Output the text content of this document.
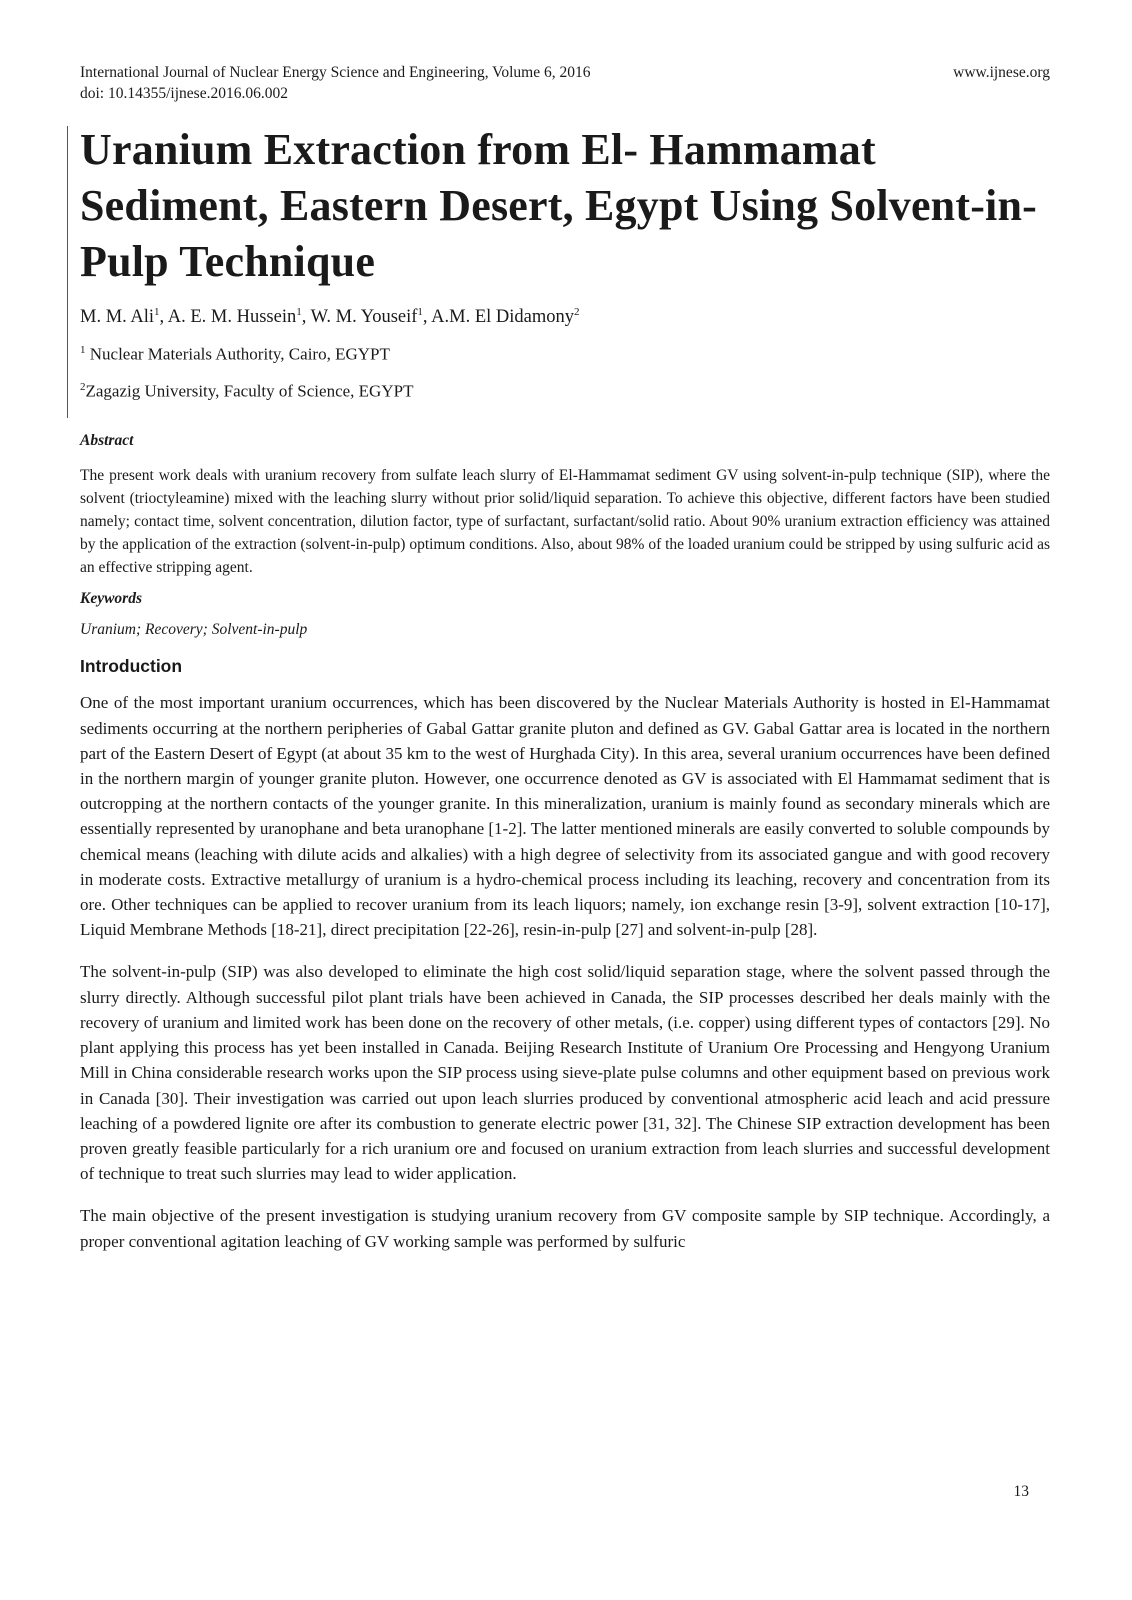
International Journal of Nuclear Energy Science and Engineering, Volume 6, 2016	www.ijnese.org
doi: 10.14355/ijnese.2016.06.002
Uranium Extraction from El- Hammamat Sediment, Eastern Desert, Egypt Using Solvent-in-Pulp Technique
M. M. Ali$^1$, A. E. M. Hussein$^1$, W. M. Youseif$^1$, A.M. El Didamony$^2$
$^1$ Nuclear Materials Authority, Cairo, EGYPT
$^2$Zagazig University, Faculty of Science, EGYPT
Abstract
The present work deals with uranium recovery from sulfate leach slurry of El-Hammamat sediment GV using solvent-in-pulp technique (SIP), where the solvent (trioctyleamine) mixed with the leaching slurry without prior solid/liquid separation. To achieve this objective, different factors have been studied namely; contact time, solvent concentration, dilution factor, type of surfactant, surfactant/solid ratio. About 90% uranium extraction efficiency was attained by the application of the extraction (solvent-in-pulp) optimum conditions. Also, about 98% of the loaded uranium could be stripped by using sulfuric acid as an effective stripping agent.
Keywords
Uranium; Recovery; Solvent-in-pulp
Introduction

One of the most important uranium occurrences, which has been discovered by the Nuclear Materials Authority is hosted in El-Hammamat sediments occurring at the northern peripheries of Gabal Gattar granite pluton and defined as GV. Gabal Gattar area is located in the northern part of the Eastern Desert of Egypt (at about 35 km to the west of Hurghada City). In this area, several uranium occurrences have been defined in the northern margin of younger granite pluton. However, one occurrence denoted as GV is associated with El Hammamat sediment that is outcropping at the northern contacts of the younger granite. In this mineralization, uranium is mainly found as secondary minerals which are essentially represented by uranophane and beta uranophane [1-2]. The latter mentioned minerals are easily converted to soluble compounds by chemical means (leaching with dilute acids and alkalies) with a high degree of selectivity from its associated gangue and with good recovery in moderate costs. Extractive metallurgy of uranium is a hydro-chemical process including its leaching, recovery and concentration from its ore. Other techniques can be applied to recover uranium from its leach liquors; namely, ion exchange resin [3-9], solvent extraction [10-17], Liquid Membrane Methods [18-21], direct precipitation [22-26], resin-in-pulp [27] and solvent-in-pulp [28].

The solvent-in-pulp (SIP) was also developed to eliminate the high cost solid/liquid separation stage, where the solvent passed through the slurry directly. Although successful pilot plant trials have been achieved in Canada, the SIP processes described her deals mainly with the recovery of uranium and limited work has been done on the recovery of other metals, (i.e. copper) using different types of contactors [29]. No plant applying this process has yet been installed in Canada. Beijing Research Institute of Uranium Ore Processing and Hengyong Uranium Mill in China considerable research works upon the SIP process using sieve-plate pulse columns and other equipment based on previous work in Canada [30]. Their investigation was carried out upon leach slurries produced by conventional atmospheric acid leach and acid pressure leaching of a powdered lignite ore after its combustion to generate electric power [31, 32]. The Chinese SIP extraction development has been proven greatly feasible particularly for a rich uranium ore and focused on uranium extraction from leach slurries and successful development of technique to treat such slurries may lead to wider application.

The main objective of the present investigation is studying uranium recovery from GV composite sample by SIP technique. Accordingly, a proper conventional agitation leaching of GV working sample was performed by sulfuric

13
